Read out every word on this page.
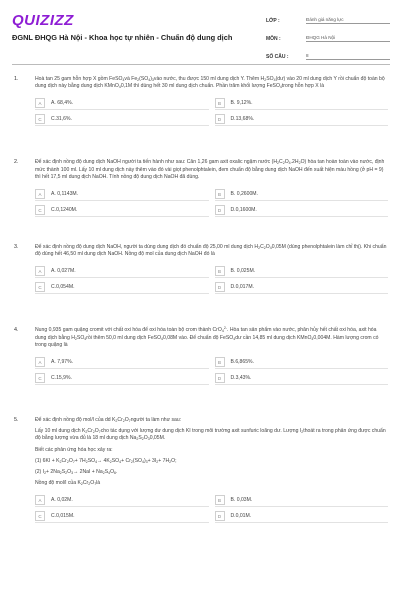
QUIZIZZ
ĐGNL ĐHQG Hà Nội - Khoa học tự nhiên - Chuẩn độ dung dịch
LỚP :	Đánh giá năng lực
MÔN :	ĐHQG Hà Nội
SỐ CÂU :	8
1.	Hoà tan 25 gam hỗn hợp X gồm FeSO$_4$và $Fe_2(SO_4)_3vào$ nước, thu được 150 ml dung dịch Y. Thêm $H_2SO_4(dư)$ vào 20 ml dung dịch Y rồi chuẩn độ toàn bộ dung dịch này bằng dung dịch KMnO$_4$0,1M thì dùng hết 30 ml dung dịch chuẩn. Phần trăm khối lượng FeSO$_4$trong hỗn hợp X là
A	A. 68,4%.	B	B. 9,12%.
C	C.31,6%.	D	D.13,68%.
2.	Để xác định nồng độ dung dịch NaOH người ta tiến hành như sau: Cân 1,26 gam axit oxalic ngậm nước $(H_2C_2O_4.2H_2O)$ hòa tan hoàn toàn vào nước, định mức thành 100 ml. Lấy 10 ml dung dịch này thêm vào đó vài giọt phenolphtalein, đem chuẩn độ bằng dung dịch NaOH đến xuất hiện màu hồng (ở pH = 9) thì hết 17,5 ml dung dịch NaOH. Tính nồng độ dung dịch NaOH đã dùng.
A	A. 0,1143M.	B	B. 0,2600M.
C	C.0,1240M.	D	D.0,1600M.
3.	Để xác định nồng độ dung dịch NaOH, người ta dùng dung dịch đó chuẩn độ 25,00 ml dung dịch $H_2C_2O_40,05M$ (dùng phenolphtalein làm chỉ thị). Khi chuẩn độ dùng hết 46,50 ml dung dịch NaOH. Nồng độ mol của dung dịch NaOH đó là
A	A. 0,027M.	B	B. 0,025M.
C	C.0,054M.	D	D.0,017M.
4.	Nung 0,935 gam quặng cromit với chất oxi hóa để oxi hóa toàn bộ crom thành CrO$_4^{2-}$. Hòa tan sản phẩm vào nước, phân hủy hết chất oxi hóa, axit hóa dung dịch bằng $H_2SO_4rồi$ thêm 50,0 ml dung dịch FeSO$_4$0,08M vào. Để chuẩn độ FeSO$_4$dư cần 14,85 ml dung dịch KMnO$_4$0,004M. Hàm lượng crom có trong quặng là
A	A. 7,97%.	B	B.6,865%.
C	C.15,9%.	D	D.3,43%.
5.	Để xác định nồng độ mol/l của dd $K_2Cr_2O_7người$ ta làm như sau:
Lấy 10 ml dung dịch $K_2Cr_2O_7cho$ tác dụng với lượng dư dung dịch KI trong môi trường axit sunfuric loãng dư. Lượng $I_2thoát$ ra trong phản ứng được chuẩn độ bằng lượng vừa đủ là 18 ml dung dịch $Na_2S_2O_30,05M$.
Biết các phản ứng hóa học xảy ra:
(1) $6KI + K_2Cr_2O_7+ 7H_2SO_4\to 4K_2SO_4+ Cr_2(SO_4)_3+ 3I_2+ 7H_2O$;
(2) $I_2+ 2Na_2S_2O_3\to 2NaI + Na_2S_4O_6$.
Nồng độ mol/l của $K_2Cr_2O_7là$
A	A. 0,02M.	B	B. 0,03M.
C	C.0,015M.	D	D.0,01M.
